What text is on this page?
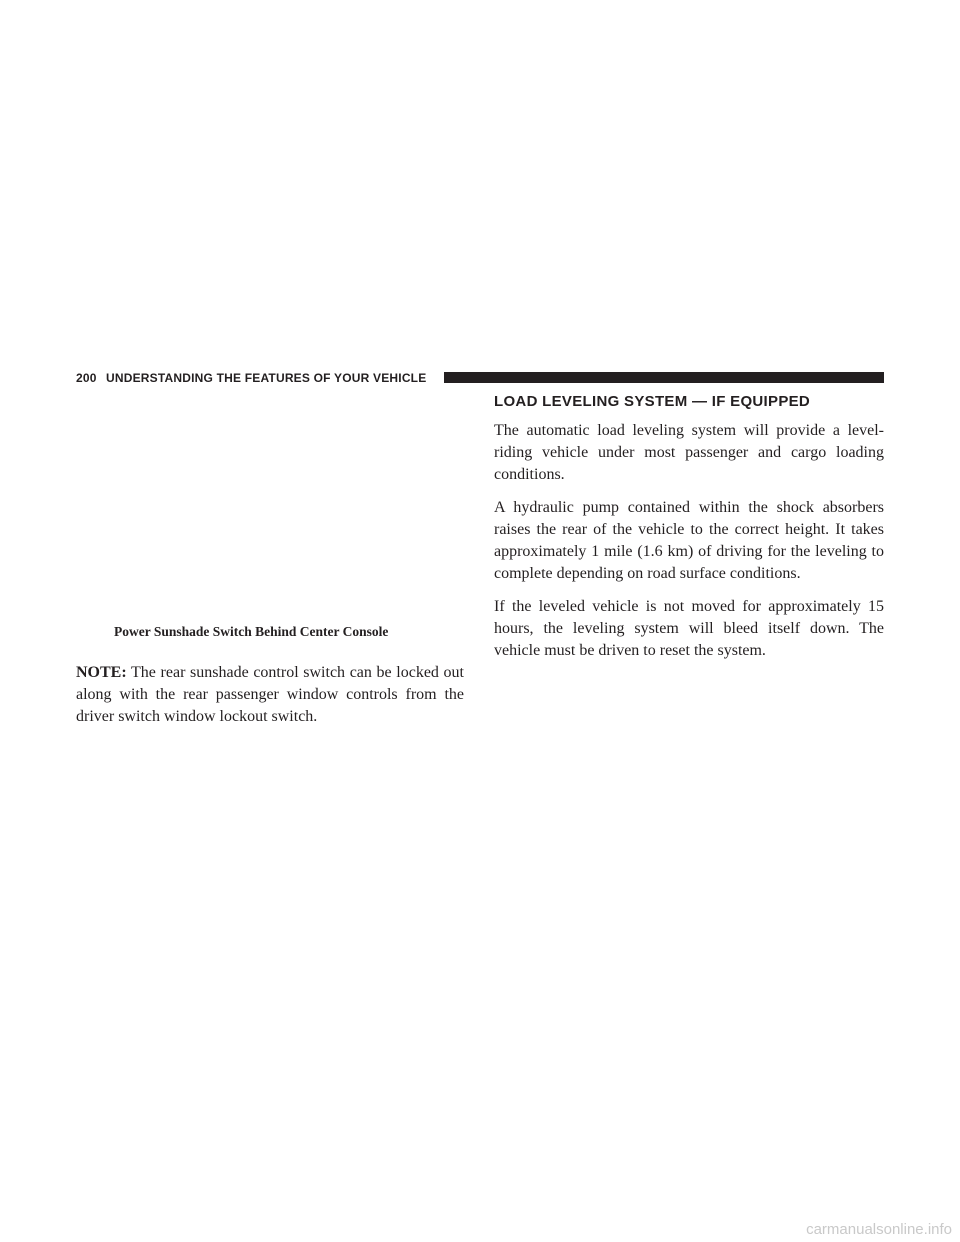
200 UNDERSTANDING THE FEATURES OF YOUR VEHICLE
Power Sunshade Switch Behind Center Console

NOTE: The rear sunshade control switch can be locked out along with the rear passenger window controls from the driver switch window lockout switch.

LOAD LEVELING SYSTEM — IF EQUIPPED

The automatic load leveling system will provide a level-riding vehicle under most passenger and cargo loading conditions.

A hydraulic pump contained within the shock absorbers raises the rear of the vehicle to the correct height. It takes approximately 1 mile (1.6 km) of driving for the leveling to complete depending on road surface conditions.

If the leveled vehicle is not moved for approximately 15 hours, the leveling system will bleed itself down. The vehicle must be driven to reset the system.

carmanualsonline.info
